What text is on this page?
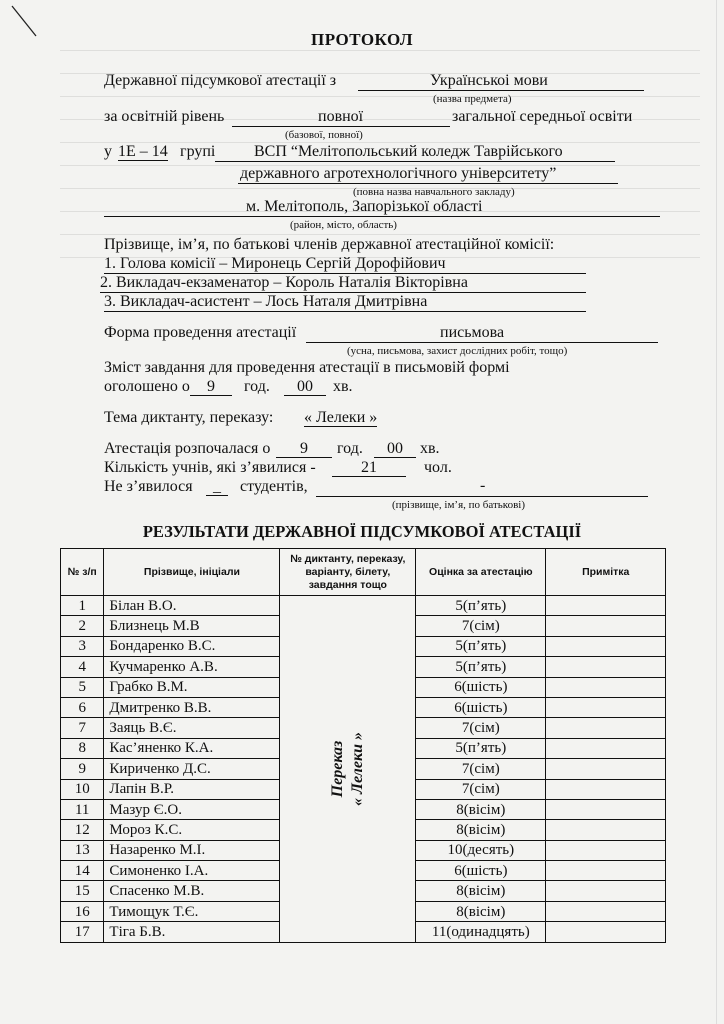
ПРОТОКОЛ
Державної підсумкової атестації з	Українськоі мови
(назва предмета)
за освітній рівень	повної	загальної середньої освіти
(базової, повної)
у 1Е – 14 групі ВСП “Мелітопольський коледж Таврійського
державного агротехнологічного університету”
(повна назва навчального закладу)
м. Мелітополь, Запорізької області
(район, місто, область)
Прізвище, ім’я, по батькові членів державної атестаційної комісії:
1. Голова комісії – Миронець Сергій Дорофійович
2. Викладач-екзаменатор – Король Наталія Вікторівна
3. Викладач-асистент – Лось Наталя Дмитрівна
Форма проведення атестації	письмова
(усна, письмова, захист дослідних робіт, тощо)
Зміст завдання для проведення атестації в письмовій формі
оголошено о	9	год.	00	хв.
Тема диктанту, переказу: « Лелеки »
Атестація розпочалася о	9	год.	00	хв.
Кількість учнів, які з’явилися -	21	чол.
Не з’явилося	_	студентів,	-
(прізвище, ім’я, по батькові)
РЕЗУЛЬТАТИ ДЕРЖАВНОЇ ПІДСУМКОВОЇ АТЕСТАЦІЇ
№ з/п	Прізвище, ініціали	№ диктанту, переказу, варіанту, білету, завдання тощо	Оцінка за атестацію	Примітка
1	Білан В.О.	Переказ « Лелеки »	5(п’ять)	
2	Близнець М.В		7(сім)	
3	Бондаренко В.С.		5(п’ять)	
4	Кучмаренко А.В.		5(п’ять)	
5	Грабко В.М.		6(шість)	
6	Дмитренко В.В.		6(шість)	
7	Заяць В.Є.		7(сім)	
8	Кас’яненко К.А.		5(п’ять)	
9	Кириченко Д.С.		7(сім)	
10	Лапін В.Р.		7(сім)	
11	Мазур Є.О.		8(вісім)	
12	Мороз К.С.		8(вісім)	
13	Назаренко М.І.		10(десять)	
14	Симоненко І.А.		6(шість)	
15	Спасенко М.В.		8(вісім)	
16	Тимощук Т.Є.		8(вісім)	
17	Тіга Б.В.		11(одинадцять)	
